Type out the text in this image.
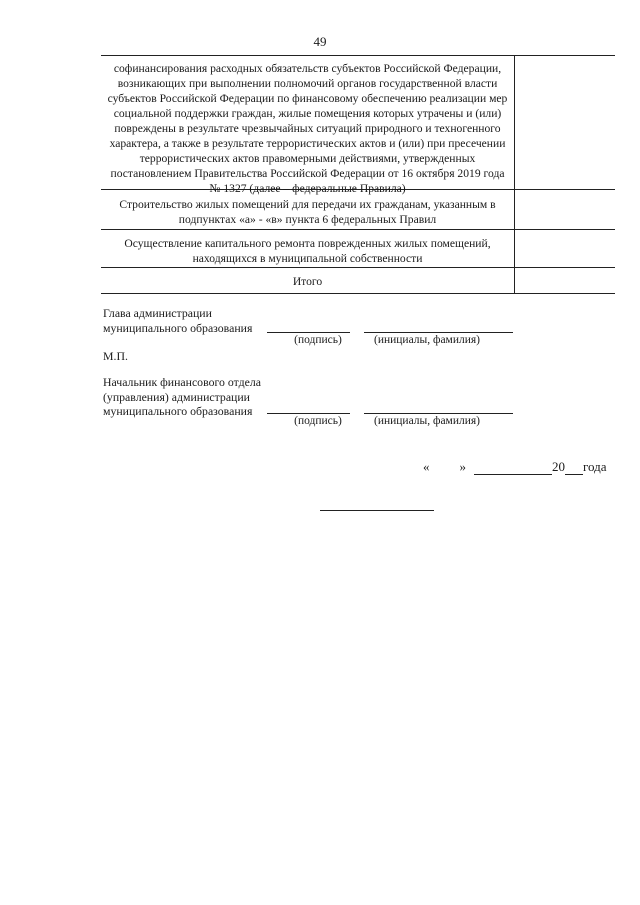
49
софинансирования расходных обязательств субъектов Российской Федерации, возникающих при выполнении полномочий органов государственной власти субъектов Российской Федерации по финансовому обеспечению реализации мер социальной поддержки граждан, жилые помещения которых утрачены и (или) повреждены в результате чрезвычайных ситуаций природного и техногенного характера, а также в результате террористических актов и (или) при пресечении террористических актов правомерными действиями, утвержденных постановлением Правительства Российской Федерации от 16 октября 2019 года № 1327 (далее – федеральные Правила)
Строительство жилых помещений для передачи их гражданам, указанным в подпунктах «а» - «в» пункта 6 федеральных Правил
Осуществление капитального ремонта поврежденных жилых помещений, находящихся в муниципальной собственности
Итого
Глава администрации
муниципального образования
(подпись)	(инициалы, фамилия)
М.П.
Начальник финансового отдела
(управления) администрации
муниципального образования
(подпись)	(инициалы, фамилия)
« »	20 года
